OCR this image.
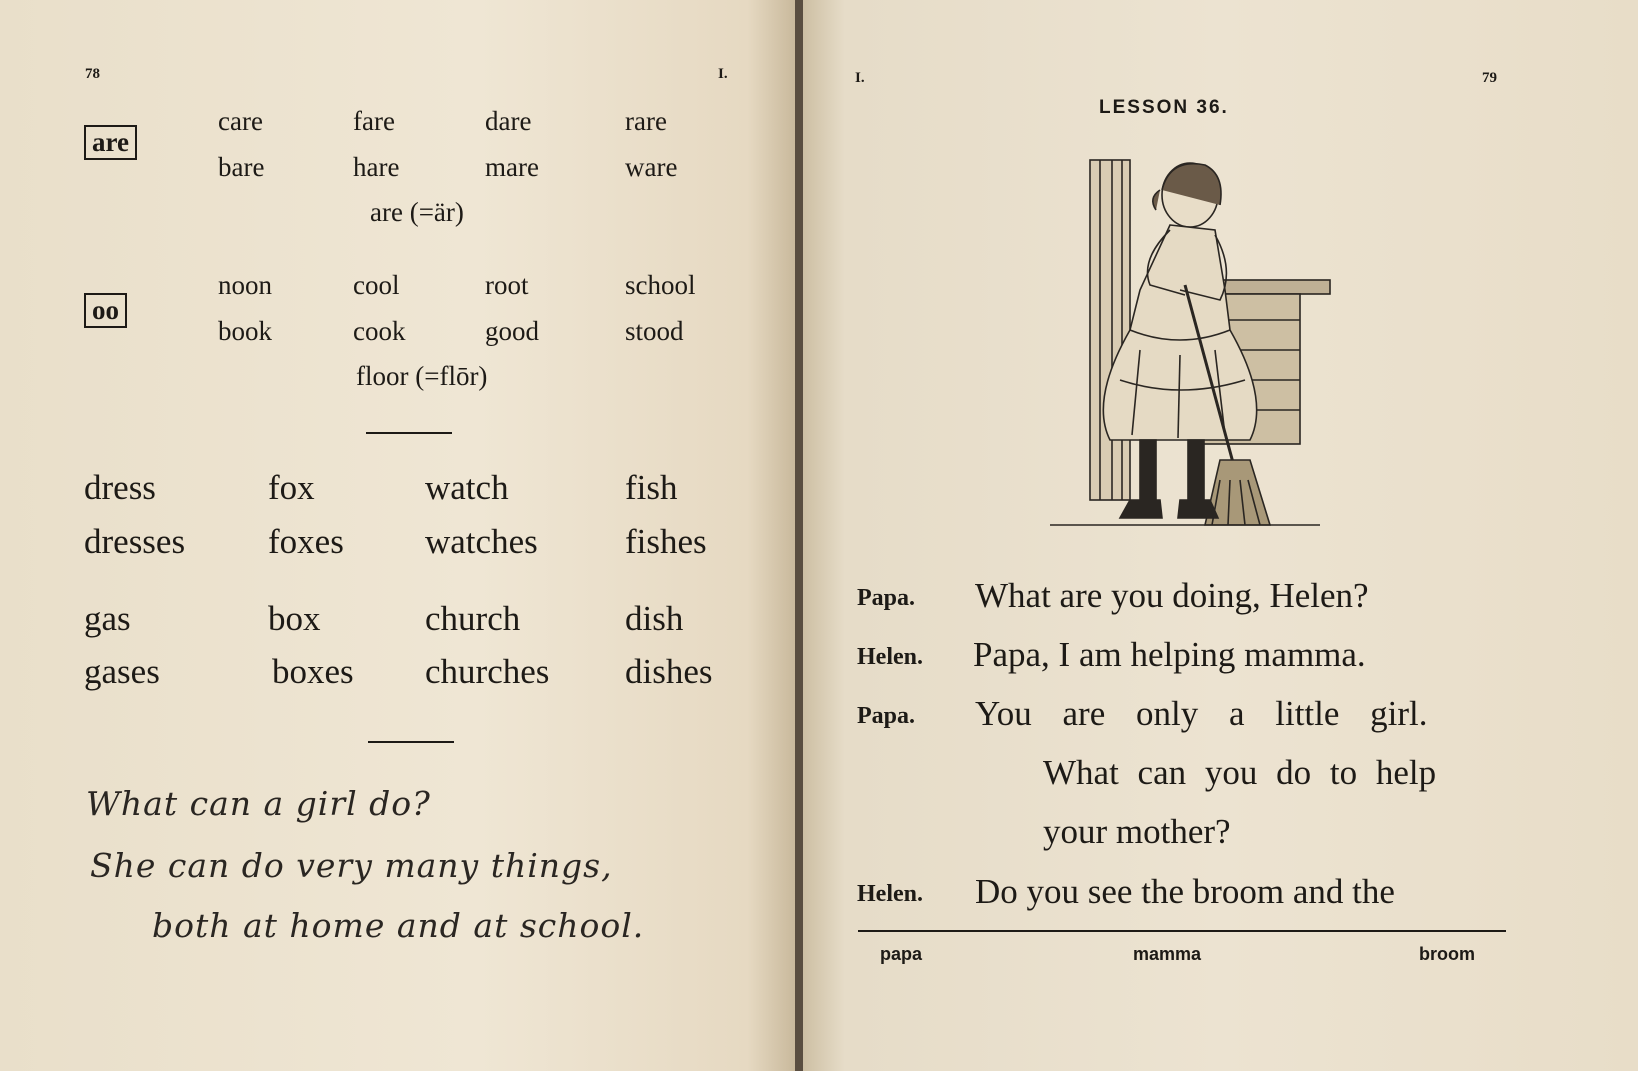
78	I.
are
care	fare	dare	rare
bare	hare	mare	ware
are (=är)
oo
noon	cool	root	school
book	cook	good	stood
floor (=flōr)
dress	fox	watch	fish
dresses foxes watches fishes
gas	box	church	dish
gases	boxes churches dishes
What can a girl do?
She can do very many things,
both at home and at school.
I.	79
LESSON 36.
Papa. What are you doing, Helen?
Helen. Papa, I am helping mamma.
Papa. You are only a little girl.
What can you do to help
your mother?
Helen. Do you see the broom and the
papa	mamma	broom
